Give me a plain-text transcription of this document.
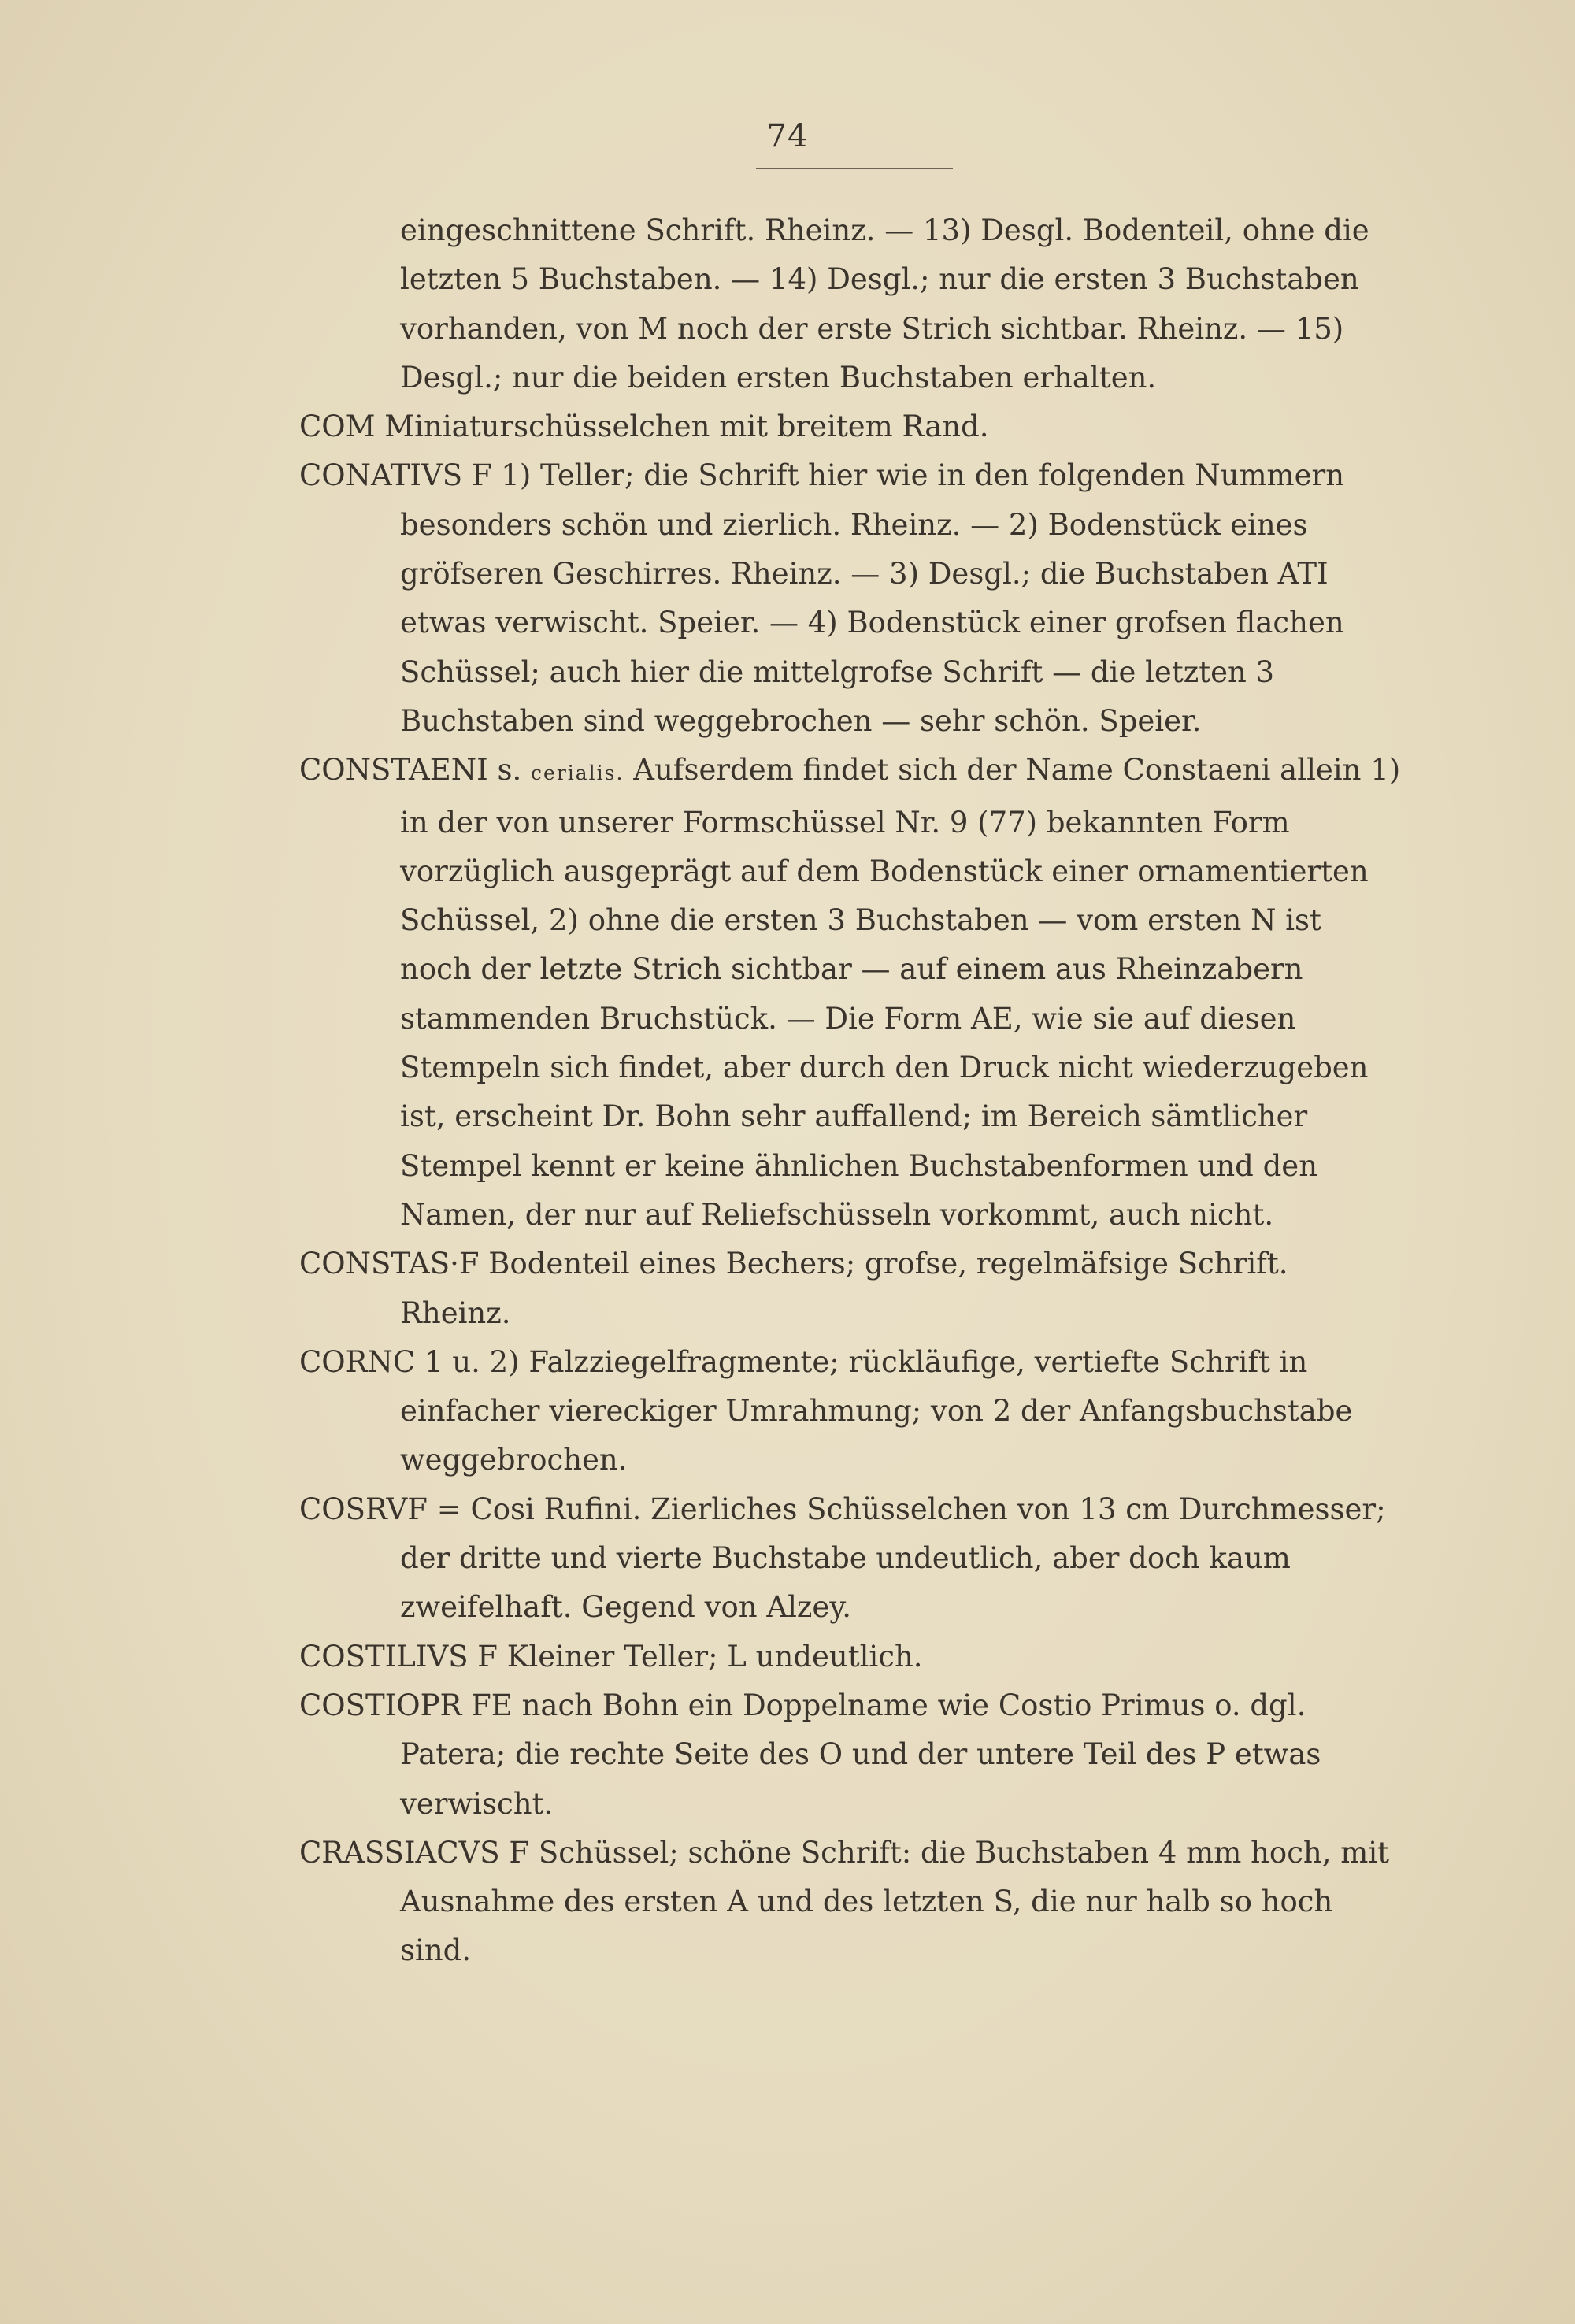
74

eingeschnittene Schrift. Rheinz. — 13) Desgl. Bodenteil, ohne die letzten 5 Buchstaben. — 14) Desgl.; nur die ersten 3 Buchstaben vorhanden, von M noch der erste Strich sichtbar. Rheinz. — 15) Desgl.; nur die beiden ersten Buchstaben erhalten.

COM Miniaturschüsselchen mit breitem Rand.

CONATIVS F 1) Teller; die Schrift hier wie in den folgenden Nummern besonders schön und zierlich. Rheinz. — 2) Bodenstück eines gröfseren Geschirres. Rheinz. — 3) Desgl.; die Buchstaben ATI etwas verwischt. Speier. — 4) Bodenstück einer grofsen flachen Schüssel; auch hier die mittelgrofse Schrift — die letzten 3 Buchstaben sind weggebrochen — sehr schön. Speier.

CONSTAENI s. cerialis. Aufserdem findet sich der Name Constaeni allein 1) in der von unserer Formschüssel Nr. 9 (77) bekannten Form vorzüglich ausgeprägt auf dem Bodenstück einer ornamentierten Schüssel, 2) ohne die ersten 3 Buchstaben — vom ersten N ist noch der letzte Strich sichtbar — auf einem aus Rheinzabern stammenden Bruchstück. — Die Form AE, wie sie auf diesen Stempeln sich findet, aber durch den Druck nicht wiederzugeben ist, erscheint Dr. Bohn sehr auffallend; im Bereich sämtlicher Stempel kennt er keine ähnlichen Buchstabenformen und den Namen, der nur auf Reliefschüsseln vorkommt, auch nicht.

CONSTAS·F Bodenteil eines Bechers; grofse, regelmäfsige Schrift. Rheinz.

CORNC 1 u. 2) Falzziegelfragmente; rückläufige, vertiefte Schrift in einfacher viereckiger Umrahmung; von 2 der Anfangsbuchstabe weggebrochen.

COSRVF = Cosi Rufini. Zierliches Schüsselchen von 13 cm Durchmesser; der dritte und vierte Buchstabe undeutlich, aber doch kaum zweifelhaft. Gegend von Alzey.

COSTILIVS F Kleiner Teller; L undeutlich.

COSTIOPR FE nach Bohn ein Doppelname wie Costio Primus o. dgl. Patera; die rechte Seite des O und der untere Teil des P etwas verwischt.

CRASSIACVS F Schüssel; schöne Schrift: die Buchstaben 4 mm hoch, mit Ausnahme des ersten A und des letzten S, die nur halb so hoch sind.
